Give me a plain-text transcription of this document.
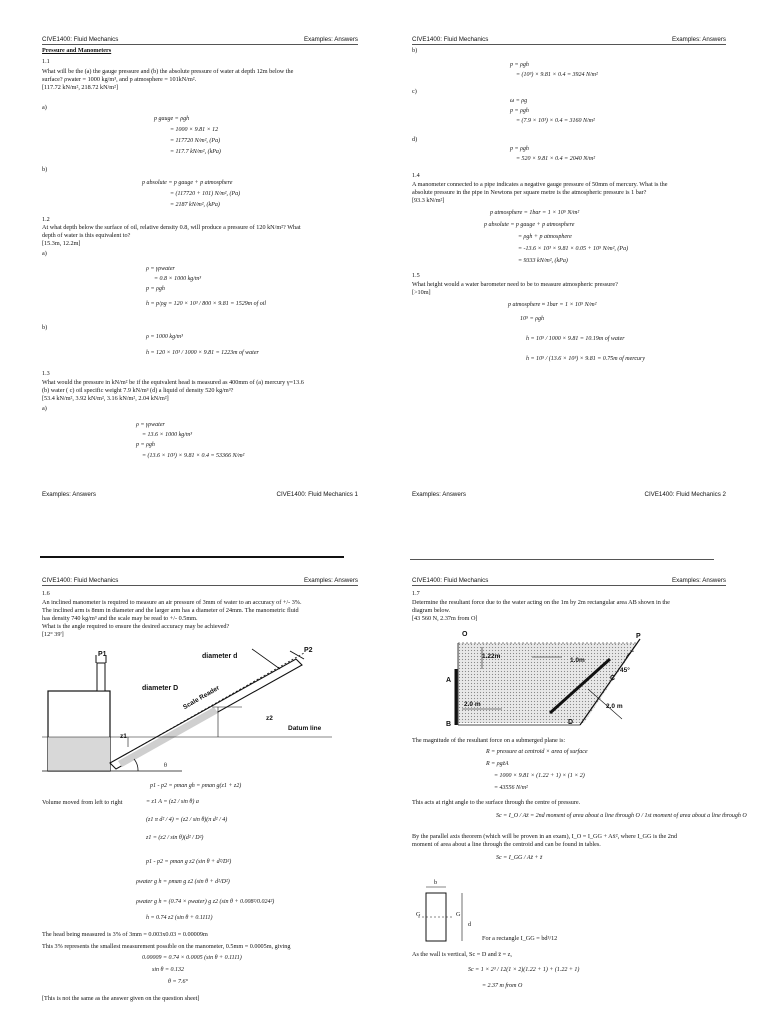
CIVE1400: Fluid Mechanics	Examples: Answers
Pressure and Manometers
1.1
What will be the (a) the gauge pressure and (b) the absolute pressure of water at depth 12m below the
surface? ρwater = 1000 kg/m³, and p atmosphere = 101kN/m².
[117.72 kN/m², 218.72 kN/m²]
a)
p gauge = ρgh
= 1000 × 9.81 × 12
= 117720 N/m², (Pa)
= 117.7 kN/m², (kPa)
b)
p absolute = p gauge + p atmosphere
= (117720 + 101) N/m², (Pa)
= 2187 kN/m², (kPa)
1.2
At what depth below the surface of oil, relative density 0.8, will produce a pressure of 120 kN/m²? What
depth of water is this equivalent to?
[15.3m, 12.2m]
a)
ρ = γρwater
= 0.8 × 1000 kg/m³
p = ρgh
h = p/ρg = 120 × 10³ / 800 × 9.81 = 1529m of oil
b)
ρ = 1000 kg/m³
h = 120 × 10³ / 1000 × 9.81 = 1223m of water
1.3
What would the pressure in kN/m² be if the equivalent head is measured as 400mm of (a) mercury γ=13.6
(b) water ( c) oil specific weight 7.9 kN/m³ (d) a liquid of density 520 kg/m³?
[53.4 kN/m², 3.92 kN/m², 3.16 kN/m², 2.04 kN/m²]
a)
ρ = γρwater
= 13.6 × 1000 kg/m³
p = ρgh
= (13.6 × 10³) × 9.81 × 0.4 = 53366 N/m²
Examples: Answers	CIVE1400: Fluid Mechanics 1
CIVE1400: Fluid Mechanics	Examples: Answers
b)
p = ρgh
= (10³) × 9.81 × 0.4 = 3924 N/m²
c)
ω = ρg
p = ρgh
= (7.9 × 10³) × 0.4 = 3160 N/m²
d)
p = ρgh
= 520 × 9.81 × 0.4 = 2040 N/m²
1.4
A manometer connected to a pipe indicates a negative gauge pressure of 50mm of mercury. What is the
absolute pressure in the pipe in Newtons per square metre is the atmospheric pressure is 1 bar?
[93.3 kN/m²]
p atmosphere = 1bar = 1 × 10⁵ N/m²
p absolute = p gauge + p atmosphere
= ρgh + p atmosphere
= -13.6 × 10³ × 9.81 × 0.05 + 10⁵ N/m², (Pa)
= 9333 kN/m², (kPa)
1.5
What height would a water barometer need to be to measure atmospheric pressure?
[>10m]
p atmosphere ≈ 1bar = 1 × 10⁵ N/m²
10⁵ = ρgh
h = 10⁵ / 1000 × 9.81 = 10.19m of water
h = 10⁵ / (13.6 × 10³) × 9.81 = 0.75m of mercury
Examples: Answers	CIVE1400: Fluid Mechanics 2
CIVE1400: Fluid Mechanics	Examples: Answers
1.6
An inclined manometer is required to measure an air pressure of 3mm of water to an accuracy of +/- 3%.
The inclined arm is 8mm in diameter and the larger arm has a diameter of 24mm. The manometric fluid
has density 740 kg/m³ and the scale may be read to +/- 0.5mm.
What is the angle required to ensure the desired accuracy may be achieved?
[12° 39']
P1
P2
diameter d
diameter D Scale Reader
z1
z2
Datum line
θ
p1 - p2 = ρman gh = ρman g(z1 + z2)
Volume moved from left to right	= z1 A = (z2 / sin θ) a
(z1 π d² / 4) = (z2 / sin θ)(π d² / 4)
z1 = (z2 / sin θ)(d² / D²)
p1 - p2 = ρman g z2 (sin θ + d²/D²)
ρwater g h = ρman g z2 (sin θ + d²/D²)
ρwater g h = (0.74 × ρwater) g z2 (sin θ + 0.008²/0.024²)
h = 0.74 z2 (sin θ + 0.1111)
The head being measured is 3% of 3mm = 0.003x0.03 = 0.00009m
This 3% represents the smallest measurement possible on the manometer, 0.5mm = 0.0005m, giving
0.00009 = 0.74 × 0.0005 (sin θ + 0.1111)
sin θ = 0.132
θ = 7.6°
[This is not the same as the answer given on the question sheet]
CIVE1400: Fluid Mechanics	Examples: Answers
1.7
Determine the resultant force due to the water acting on the 1m by 2m rectangular area AB shown in the
diagram below.
[43 560 N, 2.37m from O]
O	P
A
B
C
D
1.22m
1.0m
45°
2.0 m	2.0 m
The magnitude of the resultant force on a submerged plane is:
R = pressure at centroid × area of surface
R = ρgz̄A
= 1000 × 9.81 × (1.22 + 1) × (1 × 2)
= 43556 N/m²
This acts at right angle to the surface through the centre of pressure.
Sc = I_O / Az̄ = 2nd moment of area about a line through O / 1st moment of area about a line through O
By the parallel axis theorem (which will be proven in an exam), I_O = I_GG + Ax̄², where I_GG is the 2nd
moment of area about a line through the centroid and can be found in tables.
Sc = I_GG / Az̄ + z̄
b
G	G
d
For a rectangle I_GG = bd³/12
As the wall is vertical, Sc = D and z̄ = z,
Sc = 1 × 2³ / 12(1 × 2)(1.22 + 1) + (1.22 + 1)
= 2.37 m from O
